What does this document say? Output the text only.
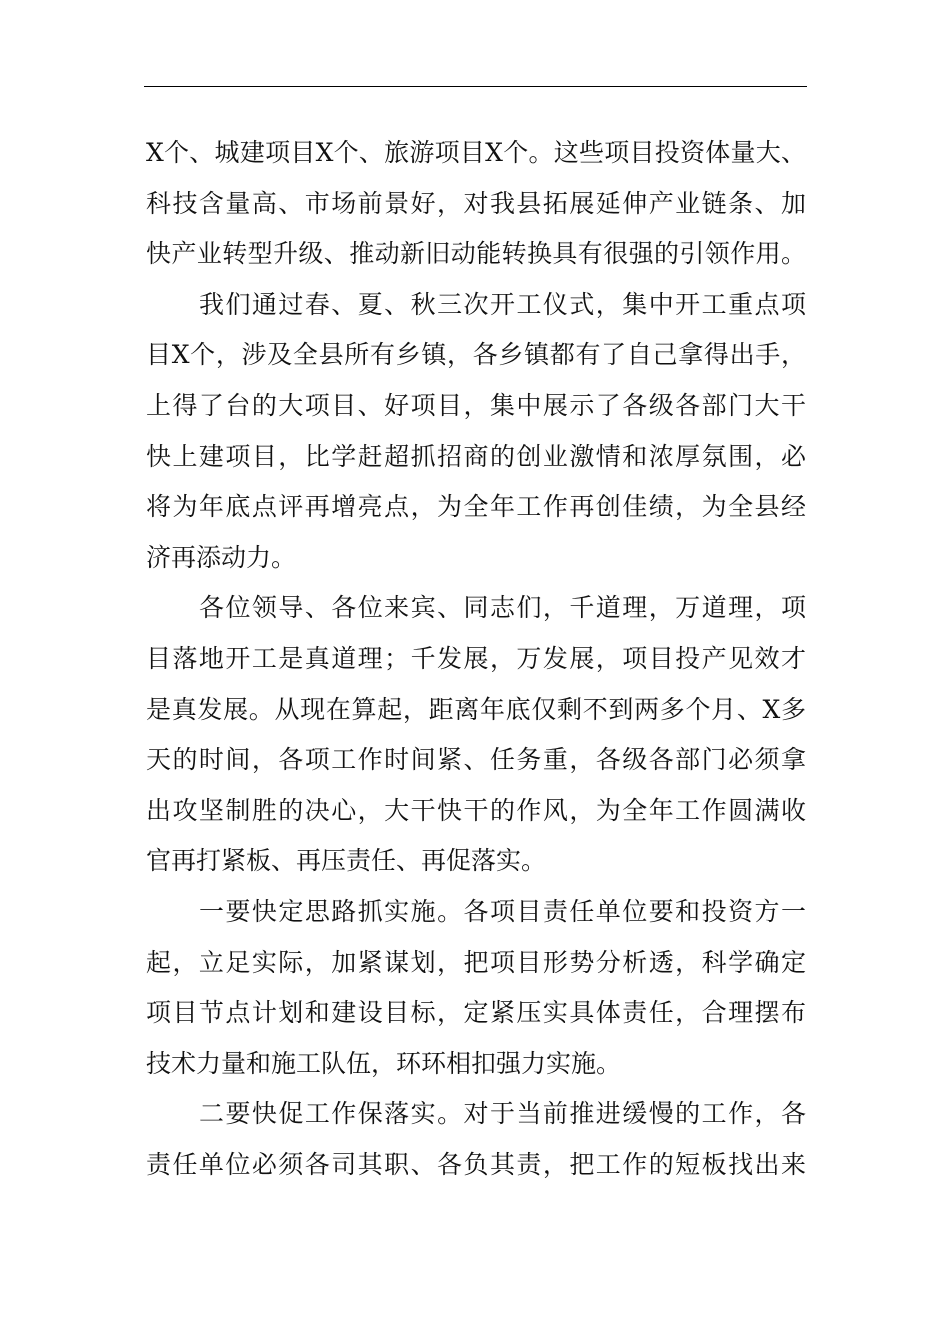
X个、城建项目X个、旅游项目X个。这些项目投资体量大、
科技含量高、市场前景好，对我县拓展延伸产业链条、加
快产业转型升级、推动新旧动能转换具有很强的引领作用。
我们通过春、夏、秋三次开工仪式，集中开工重点项
目X个，涉及全县所有乡镇，各乡镇都有了自己拿得出手，
上得了台的大项目、好项目，集中展示了各级各部门大干
快上建项目，比学赶超抓招商的创业激情和浓厚氛围，必
将为年底点评再增亮点，为全年工作再创佳绩，为全县经
济再添动力。
各位领导、各位来宾、同志们，千道理，万道理，项
目落地开工是真道理；千发展，万发展，项目投产见效才
是真发展。从现在算起，距离年底仅剩不到两多个月、X多
天的时间，各项工作时间紧、任务重，各级各部门必须拿
出攻坚制胜的决心，大干快干的作风，为全年工作圆满收
官再打紧板、再压责任、再促落实。
一要快定思路抓实施。各项目责任单位要和投资方一
起，立足实际，加紧谋划，把项目形势分析透，科学确定
项目节点计划和建设目标，定紧压实具体责任，合理摆布
技术力量和施工队伍，环环相扣强力实施。
二要快促工作保落实。对于当前推进缓慢的工作，各
责任单位必须各司其职、各负其责，把工作的短板找出来
